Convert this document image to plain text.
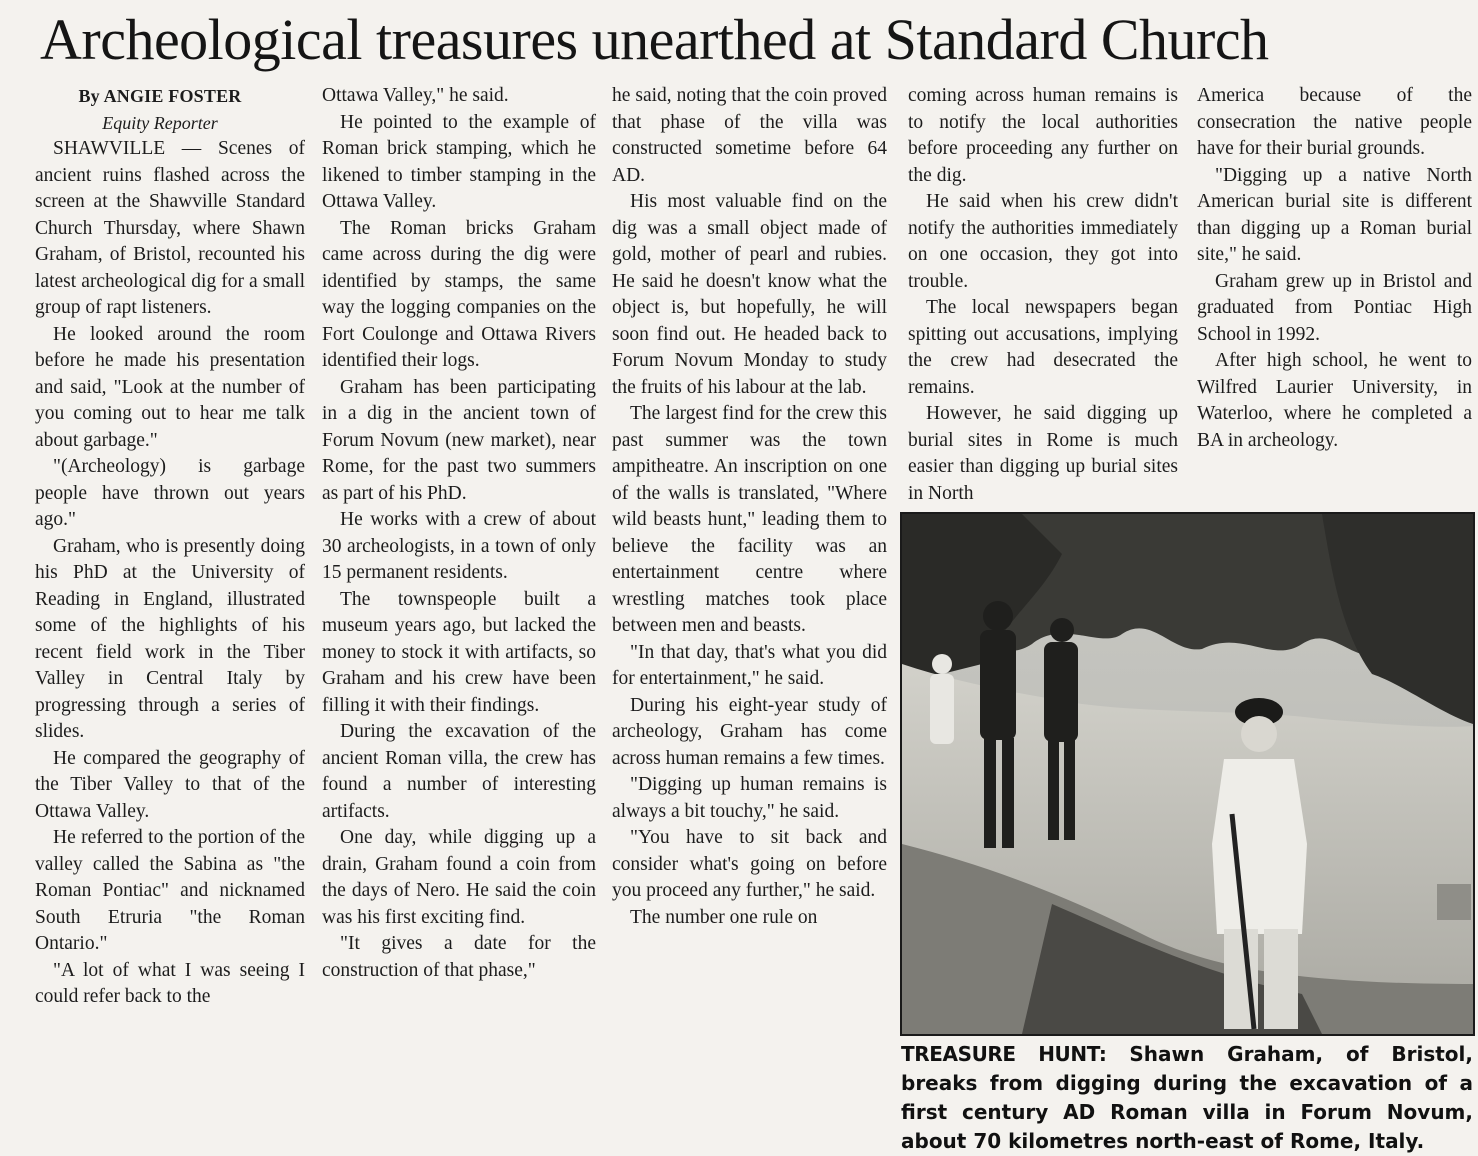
Archeological treasures unearthed at Standard Church
By ANGIE FOSTER
Equity Reporter

SHAWVILLE — Scenes of ancient ruins flashed across the screen at the Shawville Standard Church Thursday, where Shawn Graham, of Bristol, recounted his latest archeological dig for a small group of rapt listeners.

He looked around the room before he made his presentation and said, "Look at the number of you coming out to hear me talk about garbage."

"(Archeology) is garbage people have thrown out years ago."

Graham, who is presently doing his PhD at the University of Reading in England, illustrated some of the highlights of his recent field work in the Tiber Valley in Central Italy by progressing through a series of slides.

He compared the geography of the Tiber Valley to that of the Ottawa Valley.

He referred to the portion of the valley called the Sabina as "the Roman Pontiac" and nicknamed South Etruria "the Roman Ontario."

"A lot of what I was seeing I could refer back to the

Ottawa Valley," he said.

He pointed to the example of Roman brick stamping, which he likened to timber stamping in the Ottawa Valley.

The Roman bricks Graham came across during the dig were identified by stamps, the same way the logging companies on the Fort Coulonge and Ottawa Rivers identified their logs.

Graham has been participating in a dig in the ancient town of Forum Novum (new market), near Rome, for the past two summers as part of his PhD.

He works with a crew of about 30 archeologists, in a town of only 15 permanent residents.

The townspeople built a museum years ago, but lacked the money to stock it with artifacts, so Graham and his crew have been filling it with their findings.

During the excavation of the ancient Roman villa, the crew has found a number of interesting artifacts.

One day, while digging up a drain, Graham found a coin from the days of Nero. He said the coin was his first exciting find.

"It gives a date for the construction of that phase,"

he said, noting that the coin proved that phase of the villa was constructed sometime before 64 AD.

His most valuable find on the dig was a small object made of gold, mother of pearl and rubies. He said he doesn't know what the object is, but hopefully, he will soon find out. He headed back to Forum Novum Monday to study the fruits of his labour at the lab.

The largest find for the crew this past summer was the town ampitheatre. An inscription on one of the walls is translated, "Where wild beasts hunt," leading them to believe the facility was an entertainment centre where wrestling matches took place between men and beasts.

"In that day, that's what you did for entertainment," he said.

During his eight-year study of archeology, Graham has come across human remains a few times.

"Digging up human remains is always a bit touchy," he said.

"You have to sit back and consider what's going on before you proceed any further," he said.

The number one rule on

coming across human remains is to notify the local authorities before proceeding any further on the dig.

He said when his crew didn't notify the authorities immediately on one occasion, they got into trouble.

The local newspapers began spitting out accusations, implying the crew had desecrated the remains.

However, he said digging up burial sites in Rome is much easier than digging up burial sites in North

America because of the consecration the native people have for their burial grounds.

"Digging up a native North American burial site is different than digging up a Roman burial site," he said.

Graham grew up in Bristol and graduated from Pontiac High School in 1992.

After high school, he went to Wilfred Laurier University, in Waterloo, where he completed a BA in archeology.

TREASURE HUNT: Shawn Graham, of Bristol, breaks from digging during the excavation of a first century AD Roman villa in Forum Novum, about 70 kilometres north-east of Rome, Italy.
